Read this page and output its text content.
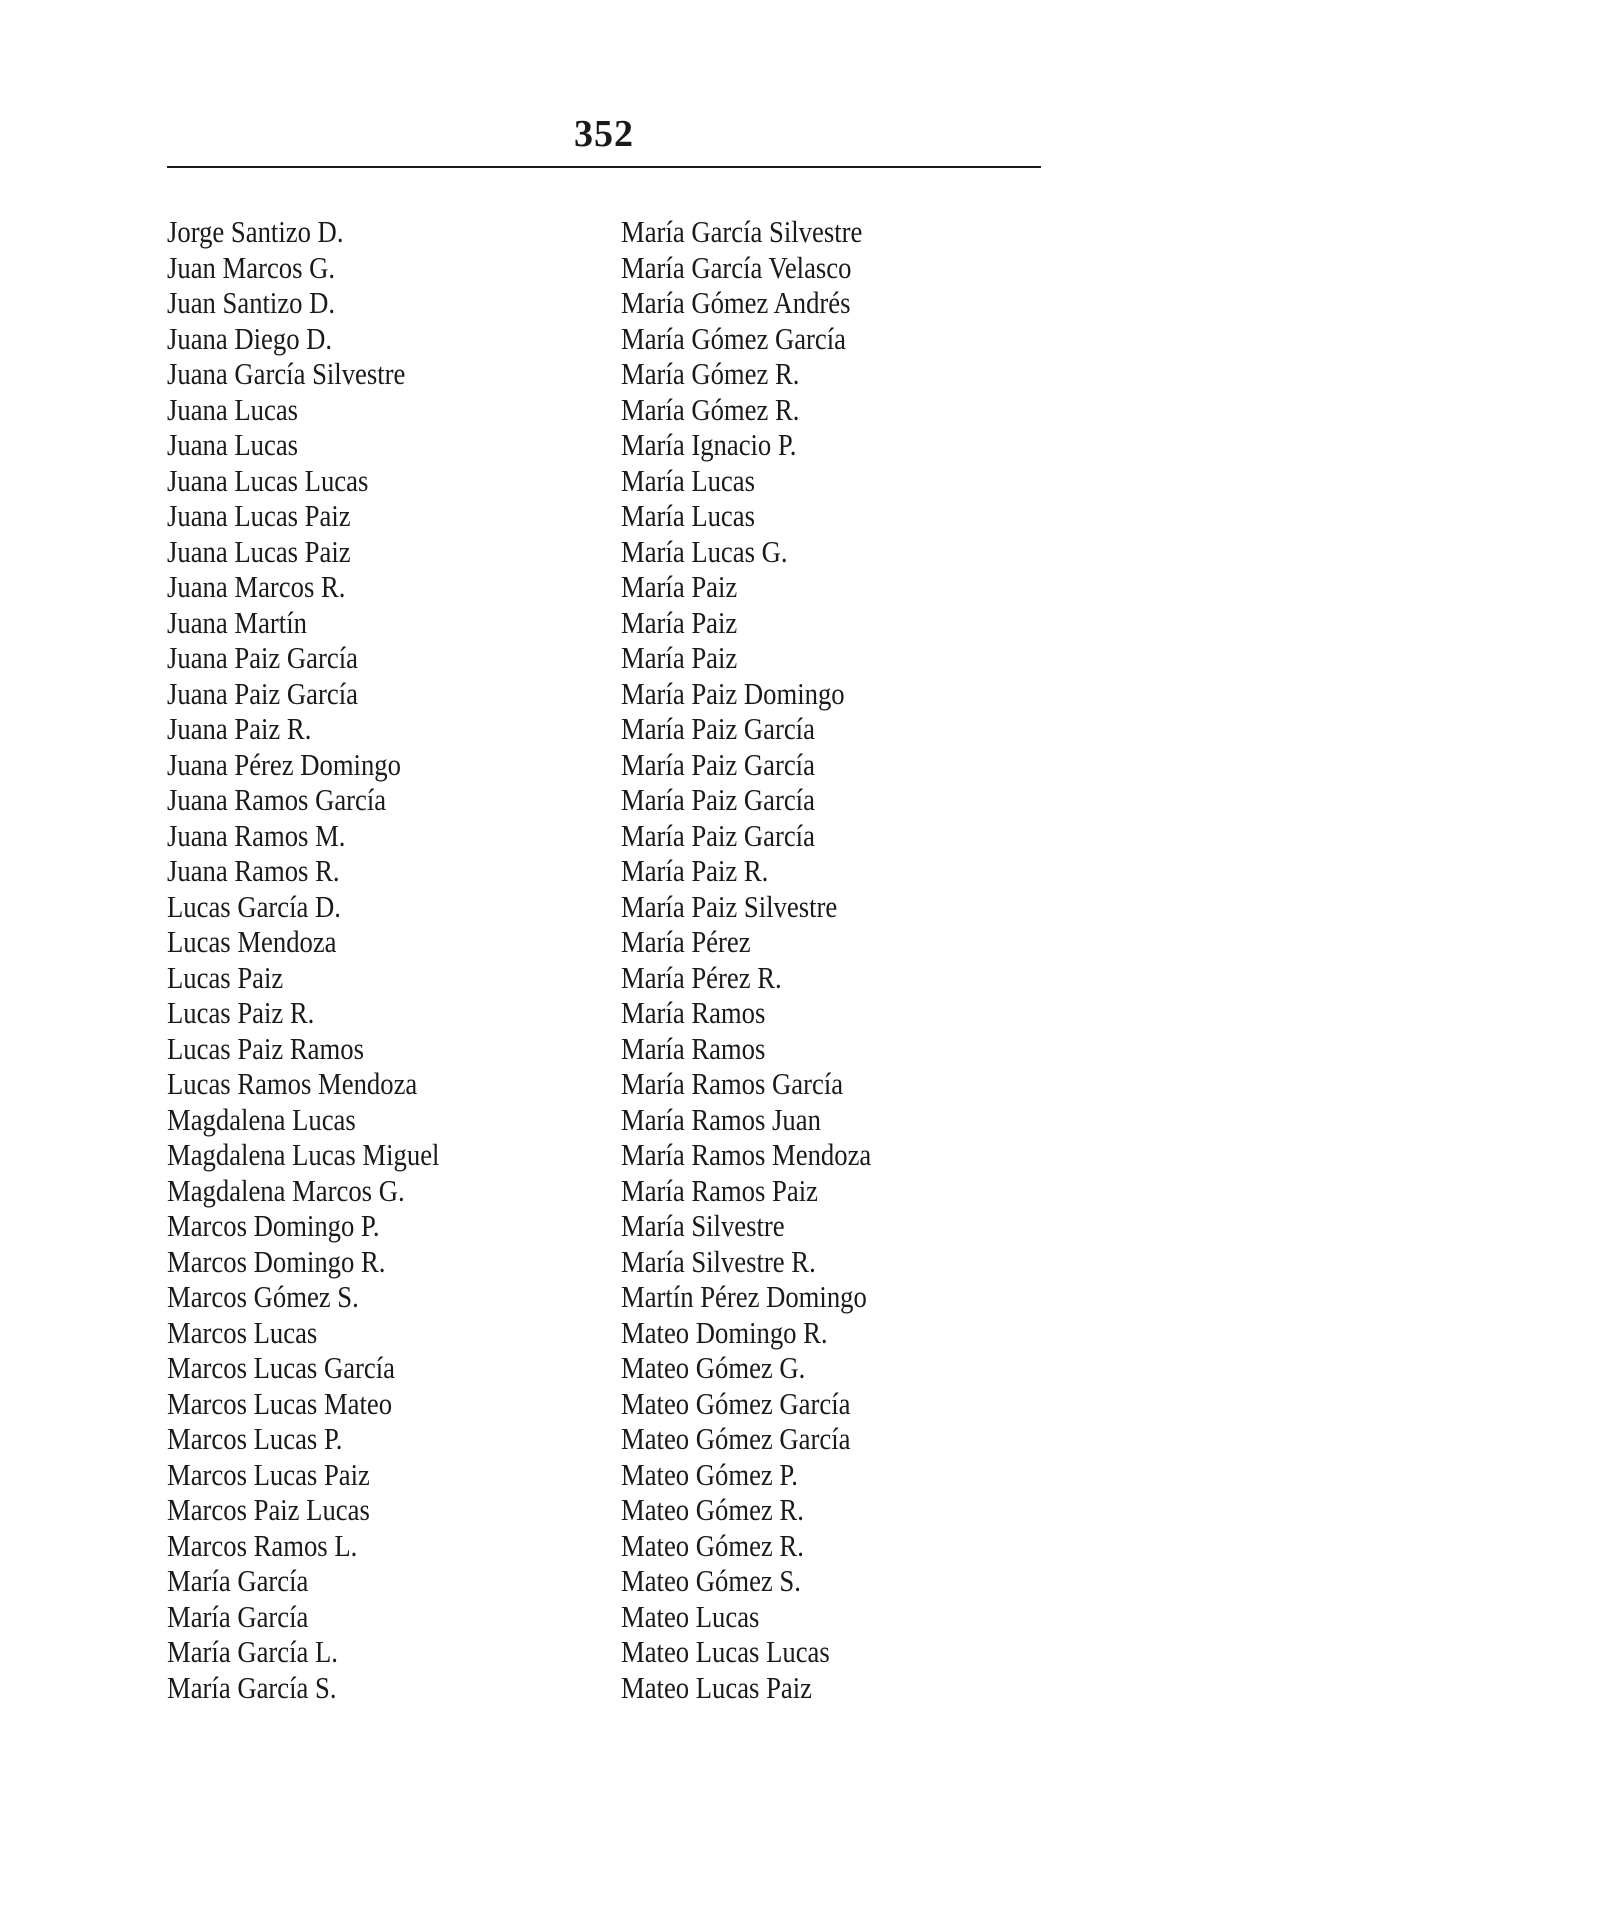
352
Jorge Santizo D.
Juan Marcos G.
Juan Santizo D.
Juana Diego D.
Juana García Silvestre
Juana Lucas
Juana Lucas
Juana Lucas Lucas
Juana Lucas Paiz
Juana Lucas Paiz
Juana Marcos R.
Juana Martín
Juana Paiz García
Juana Paiz García
Juana Paiz R.
Juana Pérez Domingo
Juana Ramos García
Juana Ramos M.
Juana Ramos R.
Lucas García D.
Lucas Mendoza
Lucas Paiz
Lucas Paiz R.
Lucas Paiz Ramos
Lucas Ramos Mendoza
Magdalena Lucas
Magdalena Lucas Miguel
Magdalena Marcos G.
Marcos Domingo P.
Marcos Domingo R.
Marcos Gómez S.
Marcos Lucas
Marcos Lucas García
Marcos Lucas Mateo
Marcos Lucas P.
Marcos Lucas Paiz
Marcos Paiz Lucas
Marcos Ramos L.
María García
María García
María García L.
María García S.
María García Silvestre
María García Velasco
María Gómez Andrés
María Gómez García
María Gómez R.
María Gómez R.
María Ignacio P.
María Lucas
María Lucas
María Lucas G.
María Paiz
María Paiz
María Paiz
María Paiz Domingo
María Paiz García
María Paiz García
María Paiz García
María Paiz García
María Paiz R.
María Paiz Silvestre
María Pérez
María Pérez R.
María Ramos
María Ramos
María Ramos García
María Ramos Juan
María Ramos Mendoza
María Ramos Paiz
María Silvestre
María Silvestre R.
Martín Pérez Domingo
Mateo Domingo R.
Mateo Gómez G.
Mateo Gómez García
Mateo Gómez García
Mateo Gómez P.
Mateo Gómez R.
Mateo Gómez R.
Mateo Gómez S.
Mateo Lucas
Mateo Lucas Lucas
Mateo Lucas Paiz
